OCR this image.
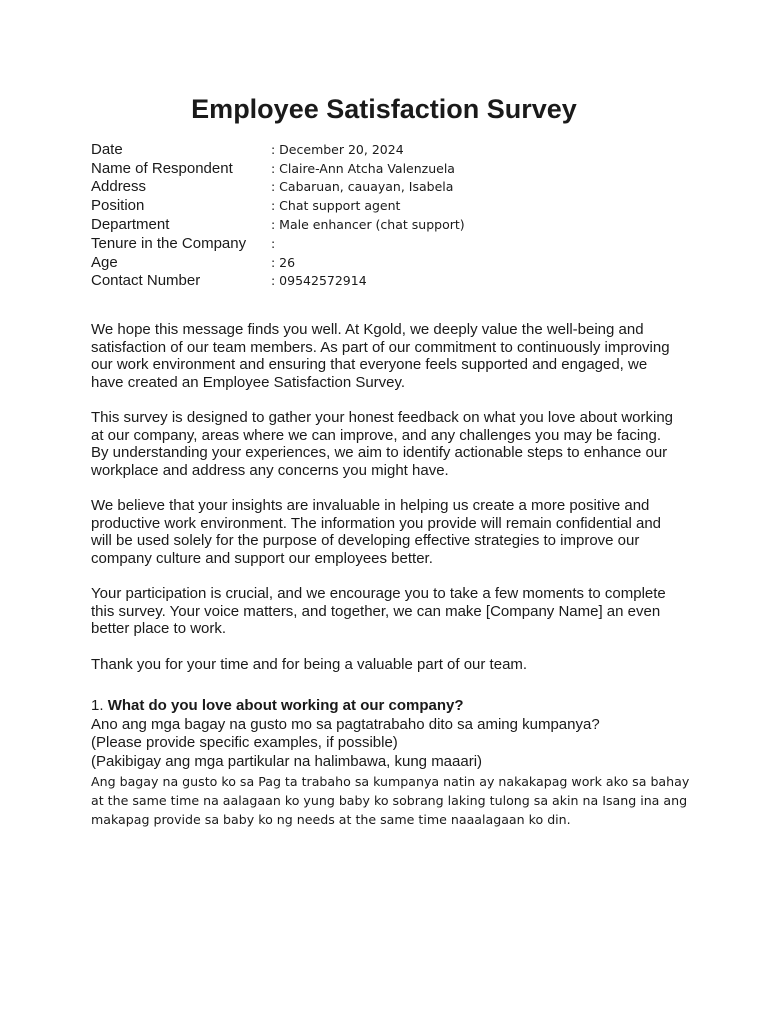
Employee Satisfaction Survey
Date	: December 20, 2024
Name of Respondent	: Claire-Ann Atcha Valenzuela
Address	: Cabaruan, cauayan, Isabela
Position	: Chat support agent
Department	: Male enhancer (chat support)
Tenure in the Company	:
Age	: 26
Contact Number	: 09542572914

We hope this message finds you well. At Kgold, we deeply value the well-being and satisfaction of our team members. As part of our commitment to continuously improving our work environment and ensuring that everyone feels supported and engaged, we have created an Employee Satisfaction Survey.

This survey is designed to gather your honest feedback on what you love about working at our company, areas where we can improve, and any challenges you may be facing. By understanding your experiences, we aim to identify actionable steps to enhance our workplace and address any concerns you might have.

We believe that your insights are invaluable in helping us create a more positive and productive work environment. The information you provide will remain confidential and will be used solely for the purpose of developing effective strategies to improve our company culture and support our employees better.

Your participation is crucial, and we encourage you to take a few moments to complete this survey. Your voice matters, and together, we can make [Company Name] an even better place to work.

Thank you for your time and for being a valuable part of our team.

1. What do you love about working at our company?
Ano ang mga bagay na gusto mo sa pagtatrabaho dito sa aming kumpanya?
(Please provide specific examples, if possible)
(Pakibigay ang mga partikular na halimbawa, kung maaari)
Ang bagay na gusto ko sa Pag ta trabaho sa kumpanya natin ay nakakapag work ako sa bahay at the same time na aalagaan ko yung baby ko sobrang laking tulong sa akin na Isang ina ang makapag provide sa baby ko ng needs at the same time naaalagaan ko din.
